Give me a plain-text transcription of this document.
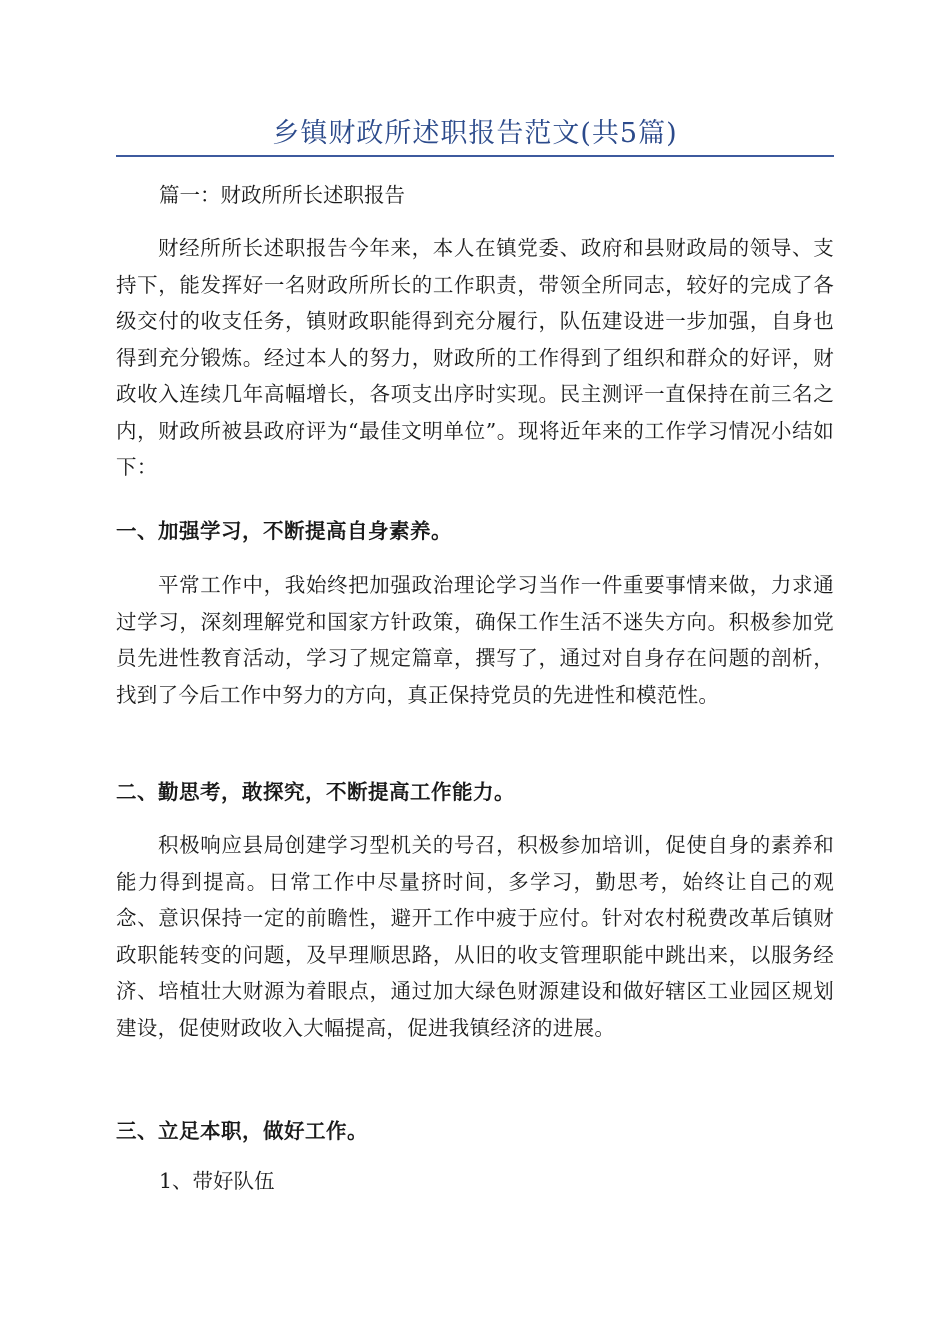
乡镇财政所述职报告范文(共5篇)
篇一：财政所所长述职报告
财经所所长述职报告今年来，本人在镇党委、政府和县财政局的领导、支持下，能发挥好一名财政所所长的工作职责，带领全所同志，较好的完成了各级交付的收支任务，镇财政职能得到充分履行，队伍建设进一步加强，自身也得到充分锻炼。经过本人的努力，财政所的工作得到了组织和群众的好评，财政收入连续几年高幅增长，各项支出序时实现。民主测评一直保持在前三名之内，财政所被县政府评为“最佳文明单位”。现将近年来的工作学习情况小结如下：
一、加强学习，不断提高自身素养。
平常工作中，我始终把加强政治理论学习当作一件重要事情来做，力求通过学习，深刻理解党和国家方针政策，确保工作生活不迷失方向。积极参加党员先进性教育活动，学习了规定篇章，撰写了，通过对自身存在问题的剖析，找到了今后工作中努力的方向，真正保持党员的先进性和模范性。
二、勤思考，敢探究，不断提高工作能力。
积极响应县局创建学习型机关的号召，积极参加培训，促使自身的素养和能力得到提高。日常工作中尽量挤时间，多学习，勤思考，始终让自己的观念、意识保持一定的前瞻性，避开工作中疲于应付。针对农村税费改革后镇财政职能转变的问题，及早理顺思路，从旧的收支管理职能中跳出来，以服务经济、培植壮大财源为着眼点，通过加大绿色财源建设和做好辖区工业园区规划建设，促使财政收入大幅提高，促进我镇经济的进展。
三、立足本职，做好工作。
1、带好队伍
